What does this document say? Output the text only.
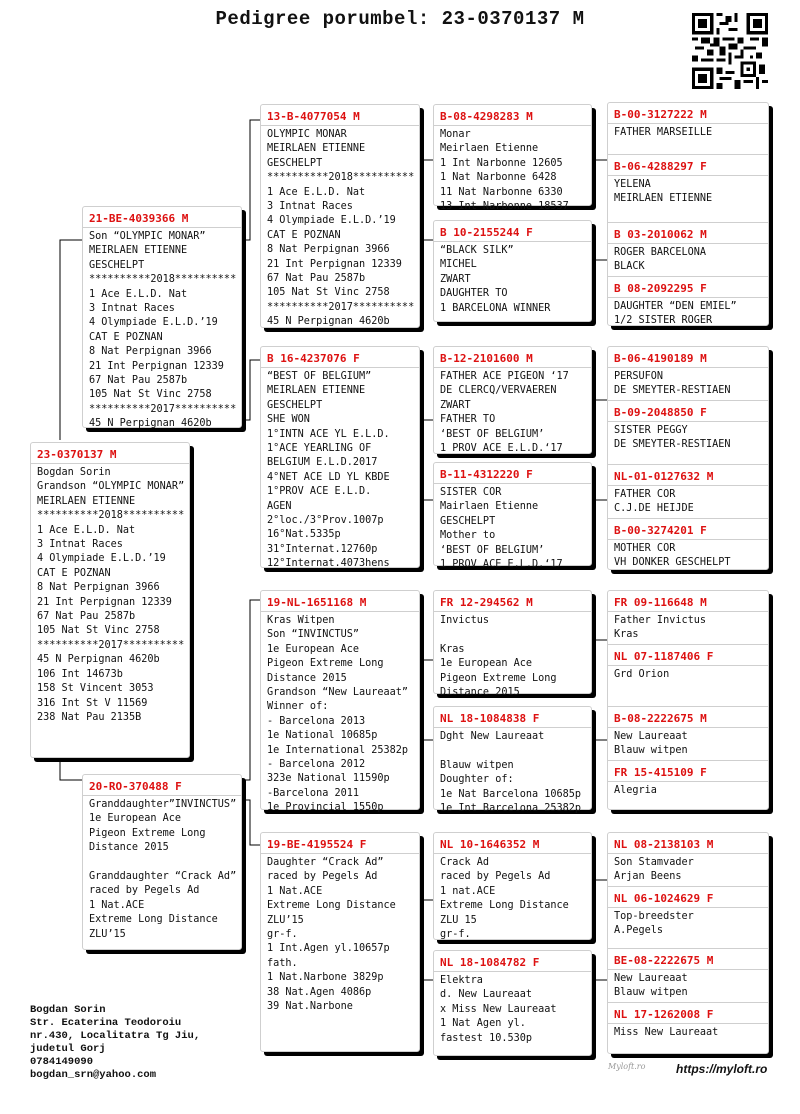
Pedigree porumbel: 23-0370137 M
23-0370137 M
Bogdan Sorin
Grandson “OLYMPIC MONAR”
MEIRLAEN ETIENNE
**********2018**********
1 Ace E.L.D. Nat
3 Intnat Races
4 Olympiade E.L.D.’19
CAT E POZNAN
8 Nat Perpignan 3966
21 Int Perpignan 12339
67 Nat Pau 2587b
105 Nat St Vinc 2758
**********2017**********
45 N Perpignan 4620b
106 Int 14673b
158 St Vincent 3053
316 Int St V 11569
238 Nat Pau 2135B
21-BE-4039366 M
Son “OLYMPIC MONAR”
MEIRLAEN ETIENNE
GESCHELPT
**********2018**********
1 Ace E.L.D. Nat
3 Intnat Races
4 Olympiade E.L.D.’19
CAT E POZNAN
8 Nat Perpignan 3966
21 Int Perpignan 12339
67 Nat Pau 2587b
105 Nat St Vinc 2758
**********2017**********
45 N Perpignan 4620b
20-RO-370488 F
Granddaughter”INVINCTUS”
1e European Ace
Pigeon Extreme Long
Distance 2015
Granddaughter “Crack Ad”
raced by Pegels Ad
1 Nat.ACE
Extreme Long Distance
ZLU’15
13-B-4077054 M
OLYMPIC MONAR
MEIRLAEN ETIENNE
GESCHELPT
**********2018**********
1 Ace E.L.D. Nat
3 Intnat Races
4 Olympiade E.L.D.’19
CAT E POZNAN
8 Nat Perpignan 3966
21 Int Perpignan 12339
67 Nat Pau 2587b
105 Nat St Vinc 2758
**********2017**********
45 N Perpignan 4620b
B 16-4237076 F
“BEST OF BELGIUM”
MEIRLAEN ETIENNE
GESCHELPT
SHE WON
1°INTN ACE YL E.L.D.
1°ACE YEARLING OF
BELGIUM E.L.D.2017
4°NET ACE LD YL KBDE
1°PROV ACE E.L.D.
AGEN
2°loc./3°Prov.1007p
16°Nat.5335p
31°Internat.12760p
12°Internat.4073hens
19-NL-1651168 M
Kras Witpen
Son “INVINCTUS”
1e European Ace
Pigeon Extreme Long
Distance 2015
Grandson “New Laureaat”
Winner of:
- Barcelona 2013
1e National 10685p
1e International 25382p
- Barcelona 2012
323e National 11590p
-Barcelona 2011
1e Provincial 1550p
19-BE-4195524 F
Daughter “Crack Ad”
raced by Pegels Ad
1 Nat.ACE
Extreme Long Distance
ZLU’15
gr-f.
1 Int.Agen yl.10657p
fath.
1 Nat.Narbone 3829p
38 Nat.Agen 4086p
39 Nat.Narbone
B-08-4298283 M
Monar
Meirlaen Etienne
1 Int Narbonne 12605
1 Nat Narbonne 6428
11 Nat Narbonne 6330
13 Int Narbonne 18537
B 10-2155244 F
“BLACK SILK”
MICHEL
ZWART
DAUGHTER TO
1 BARCELONA WINNER
B-12-2101600 M
FATHER ACE PIGEON ‘17
DE CLERCQ/VERVAEREN
ZWART
FATHER TO
‘BEST OF BELGIUM’
1 PROV ACE E.L.D.‘17
B-11-4312220 F
SISTER COR
Mairlaen Etienne
GESCHELPT
Mother to
‘BEST OF BELGIUM’
1 PROV ACE E.L.D.‘17
FR 12-294562 M
Invictus
Kras
1e European Ace
Pigeon Extreme Long
Distance 2015
NL 18-1084838 F
Dght New Laureaat
Blauw witpen
Doughter of:
1e Nat Barcelona 10685p
1e Int Barcelona 25382p
NL 10-1646352 M
Crack Ad
raced by Pegels Ad
1 nat.ACE
Extreme Long Distance
ZLU 15
gr-f.
NL 18-1084782 F
Elektra
d. New Laureaat
x Miss New Laureaat
1 Nat Agen yl.
fastest 10.530p
B-00-3127222 M
FATHER MARSEILLE
B-06-4288297 F
YELENA
MEIRLAEN ETIENNE
B 03-2010062 M
ROGER BARCELONA
BLACK
B 08-2092295 F
DAUGHTER “DEN EMIEL”
1/2 SISTER ROGER
B-06-4190189 M
PERSUFON
DE SMEYTER-RESTIAEN
B-09-2048850 F
SISTER PEGGY
DE SMEYTER-RESTIAEN
NL-01-0127632 M
FATHER COR
C.J.DE HEIJDE
B-00-3274201 F
MOTHER COR
VH DONKER GESCHELPT
FR 09-116648 M
Father Invictus
Kras
NL 07-1187406 F
Grd Orion
B-08-2222675 M
New Laureaat
Blauw witpen
FR 15-415109 F
Alegria
NL 08-2138103 M
Son Stamvader
Arjan Beens
NL 06-1024629 F
Top-breedster
A.Pegels
BE-08-2222675 M
New Laureaat
Blauw witpen
NL 17-1262008 F
Miss New Laureaat
Bogdan Sorin
Str. Ecaterina Teodoroiu
nr.430, Localitatra Tg Jiu,
judetul Gorj
0784149090
bogdan_srn@yahoo.com
Myloft.ro	https://myloft.ro
